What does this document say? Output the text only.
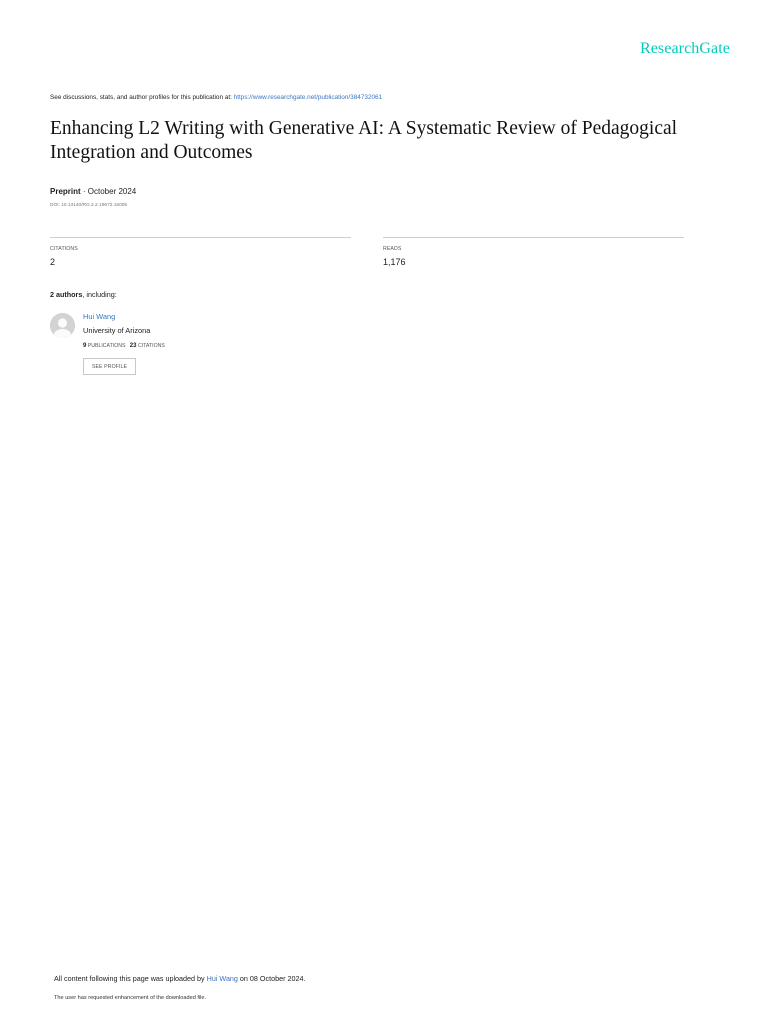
ResearchGate
See discussions, stats, and author profiles for this publication at: https://www.researchgate.net/publication/384732061
Enhancing L2 Writing with Generative AI: A Systematic Review of Pedagogical Integration and Outcomes
Preprint · October 2024
DOI: 10.13140/RG.2.2.19672.16005
CITATIONS
2
READS
1,176
2 authors, including:
Hui Wang
University of Arizona
9 PUBLICATIONS 23 CITATIONS
SEE PROFILE
All content following this page was uploaded by Hui Wang on 08 October 2024.
The user has requested enhancement of the downloaded file.
